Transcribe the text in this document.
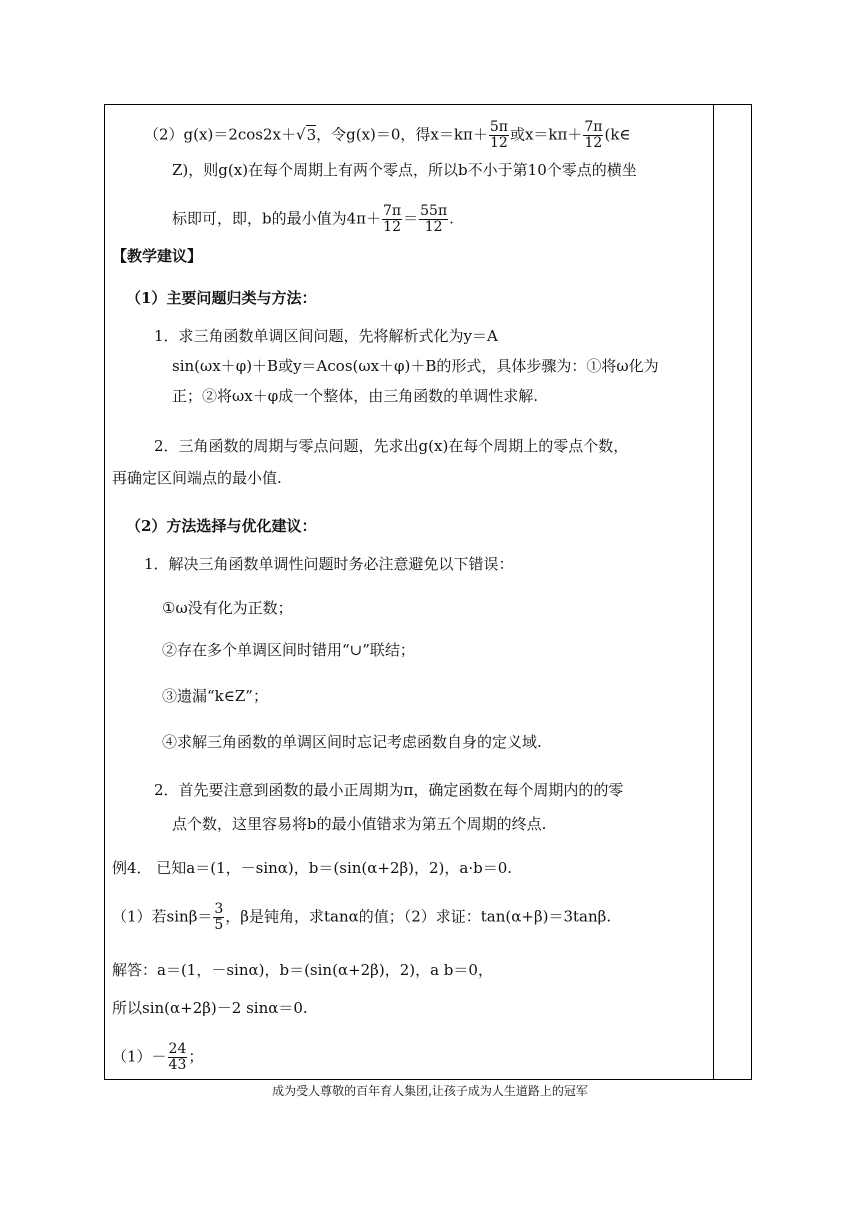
（2）g(x)＝2cos2x＋√3，令g(x)＝0，得$x=k\pi+ \frac{5\pi}{12}$ 或$x=k\pi+ \frac{7\pi}{12}$ (k∈
Z)，则g(x)在每个周期上有两个零点，所以b不小于第10个零点的横坐
标即可，即，b的最小值为$4\pi+ \frac{7\pi}{12} = \frac{55\pi}{12}$ .
【教学建议】
（1）主要问题归类与方法：
1．求三角函数单调区间问题，先将解析式化为y＝A
sin(ωx＋φ)＋B或y＝Acos(ωx＋φ)＋B的形式，具体步骤为：①将ω化为
正；②将ωx＋φ成一个整体，由三角函数的单调性求解.
2．三角函数的周期与零点问题，先求出g(x)在每个周期上的零点个数，
再确定区间端点的最小值.
（2）方法选择与优化建议：
1．解决三角函数单调性问题时务必注意避免以下错误：
①ω没有化为正数；
②存在多个单调区间时错用“∪”联结；
③遗漏“k∈Z”；
④求解三角函数的单调区间时忘记考虑函数自身的定义域.
2．首先要注意到函数的最小正周期为π，确定函数在每个周期内的的零
点个数，这里容易将b的最小值错求为第五个周期的终点.
例4． 已知a＝(1，－sinα)，b＝(sin(α+2β)，2)，a·b＝0.
（1）若$\sin\beta= \frac{3}{5}$ ，β是钝角，求tanα的值；（2）求证：tan(α+β)＝3tanβ.
解答：a＝(1，－sinα)，b＝(sin(α+2β)，2)，a b＝0，
所以sin(α+2β)－2 sinα＝0.
$(1)- \frac{24}{43}$ ；
成为受人尊敬的百年育人集团,让孩子成为人生道路上的冠军
